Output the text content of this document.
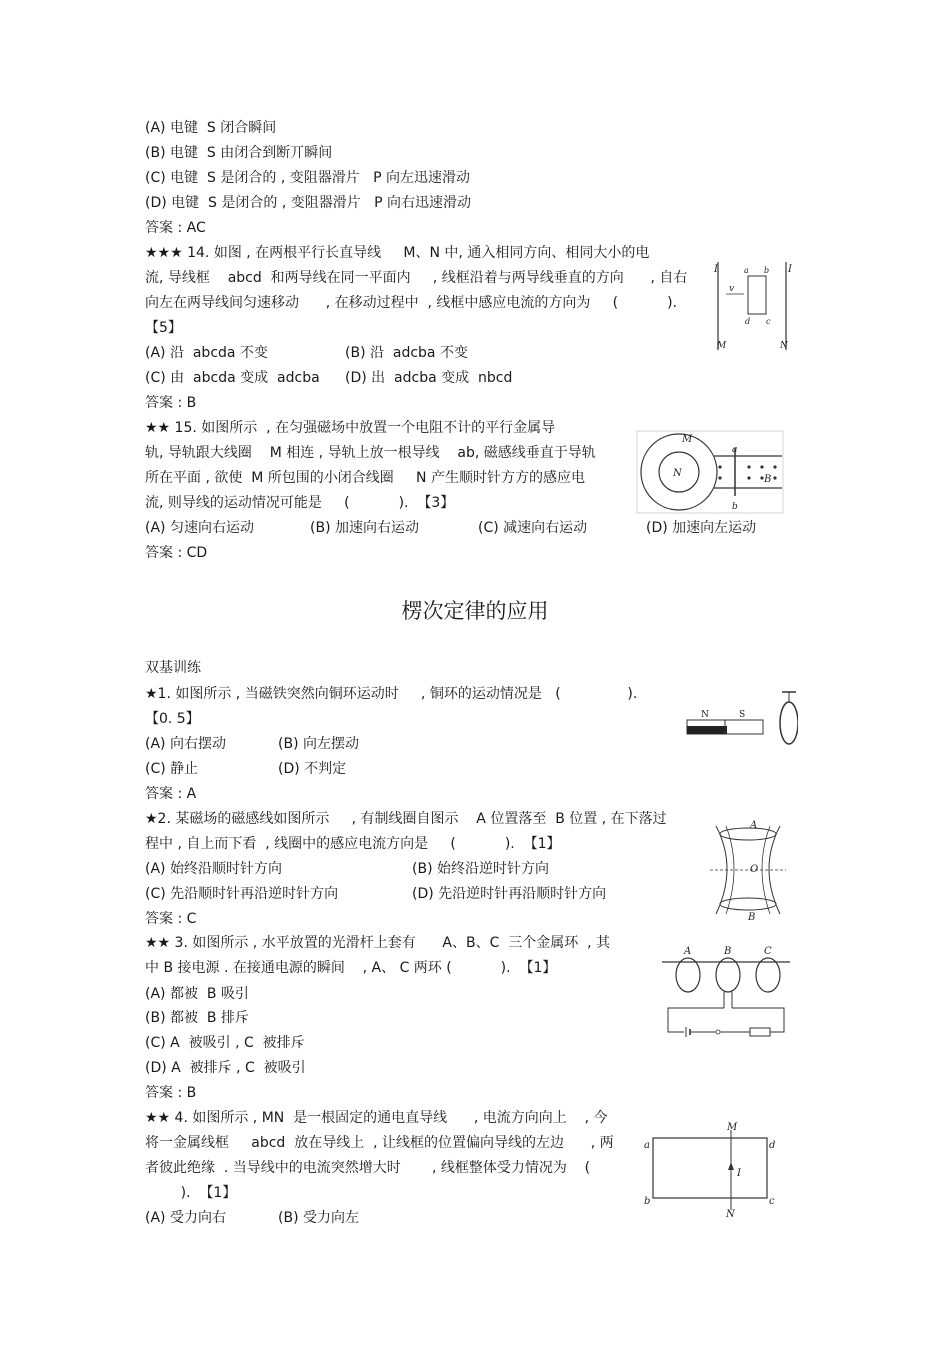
(A) 电键  S 闭合瞬间
(B) 电键  S 由闭合到断丌瞬间
(C) 电键  S 是闭合的 , 变阻器滑片   P 向左迅速滑动
(D) 电键  S 是闭合的 , 变阻器滑片   P 向右迅速滑动
答案 : AC
★★★ 14. 如图 , 在两根平行长直导线     M、N 中, 通入相同方向、相同大小的电
流, 导线框    abcd  和两导线在同一平面内     , 线框沿着与两导线垂直的方向      , 自右
向左在两导线间匀速移动      , 在移动过程中  , 线框中感应电流的方向为     (           ).
【5】
(A) 沿  abcda 不变	(B) 沿  adcba 不变
(C) 由  abcda 变成  adcba (D) 出  adcba 变成  nbcd
答案 : B
I	I
v
a b
c
d
M	N
★★ 15. 如图所示  , 在匀强磁场中放置一个电阻不计的平行金属导
轨, 导轨跟大线圈    M 相连 , 导轨上放一根导线    ab, 磁感线垂直于导轨
所在平面 , 欲使  M 所包围的小闭合线圈     N 产生顺时针方方的感应电
流, 则导线的运动情况可能是     (           ).  【3】
(A) 匀速向右运动	(B) 加速向右运动	(C) 减速向右运动	(D) 加速向左运动
答案 : CD
M
N
a
b
B
楞次定律的应用
双基训练
★1. 如图所示 , 当磁铁突然向铜环运动时     , 铜环的运动情况是   (               ).
【0. 5】
(A) 向右摆动	(B) 向左摆动
(C) 静止	(D) 不判定
答案 : A
N	S
★2. 某磁场的磁感线如图所示     , 有制线圈自图示    A 位置落至  B 位置 , 在下落过
程中 , 自上而下看  , 线圈中的感应电流方向是     (           ).  【1】
(A) 始终沿顺时针方向	(B) 始终沿逆时针方向
(C) 先沿顺时针再沿逆时针方向	(D) 先沿逆时针再沿顺时针方向
答案 : C
A
O
B
★★ 3. 如图所示 , 水平放置的光滑杆上套有      A、B、C  三个金属环  , 其
中 B 接电源 . 在接通电源的瞬间    , A、 C 两环 (           ).  【1】
(A) 都被  B 吸引
(B) 都被  B 排斥
(C) A  被吸引 , C  被排斥
(D) A  被排斥 , C  被吸引
答案 : B
A	B	C
★★ 4. 如图所示 , MN  是一根固定的通电直导线      , 电流方向向上    , 今
将一金属线框     abcd  放在导线上  , 让线框的位置偏向导线的左边      , 两
者彼此绝缘  . 当导线中的电流突然增大时       , 线框整体受力情况为    (
).  【1】
(A) 受力向右	(B) 受力向左
M
N
I
a
b	c
d
